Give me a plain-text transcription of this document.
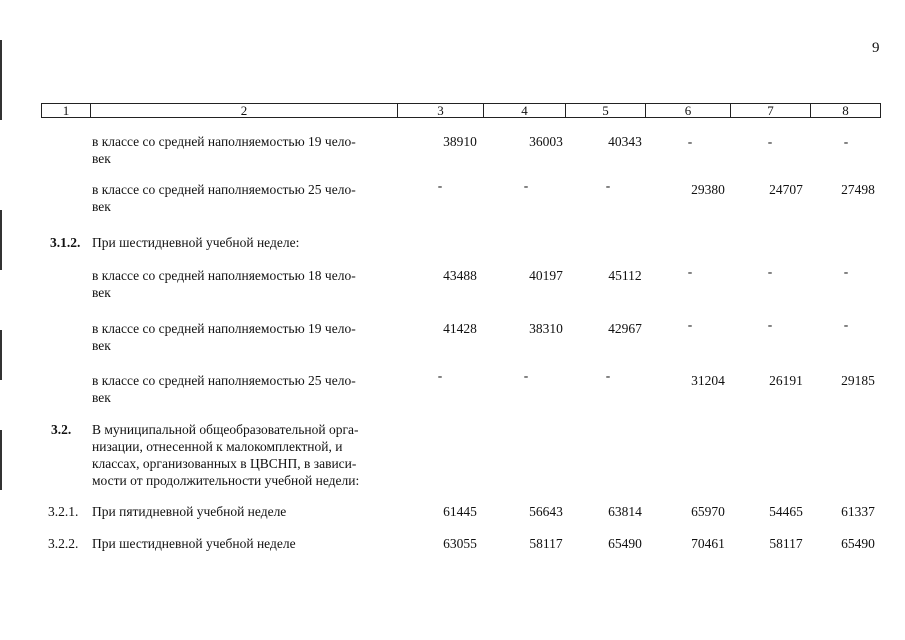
9
1	2	3	4	5	6	7	8
в классе со средней наполняемостью 19 чело-
век
38910	36003	40343	-	-	-
в классе со средней наполняемостью 25 чело-
век
-	-	-	29380	24707	27498
3.1.2. При шестидневной учебной неделе:
в классе со средней наполняемостью 18 чело-
век
43488	40197	45112	-	-	-
в классе со средней наполняемостью 19 чело-
век
41428	38310	42967	-	-	-
в классе со средней наполняемостью 25 чело-
век
-	-	-	31204	26191	29185
3.2. В муниципальной общеобразовательной орга-
низации, отнесенной к малокомплектной, и
классах, организованных в ЦВСНП, в зависи-
мости от продолжительности учебной недели:
3.2.1. При пятидневной учебной неделе	61445	56643	63814	65970	54465	61337
3.2.2. При шестидневной учебной неделе	63055	58117	65490	70461	58117	65490
